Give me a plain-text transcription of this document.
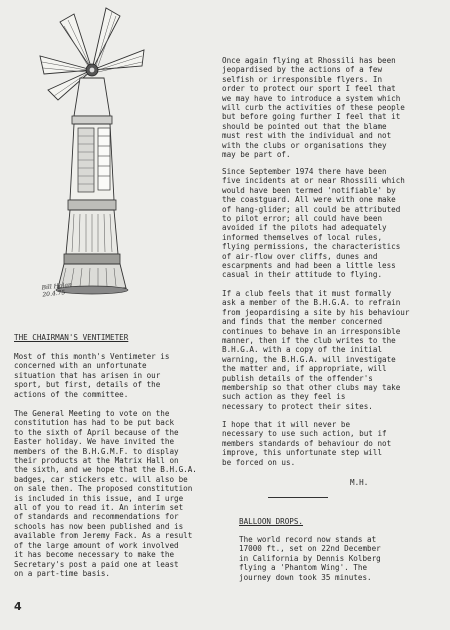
Bill Holan
20.4.75

THE CHAIRMAN'S VENTIMETER

Most of this month's Ventimeter is
concerned with an unfortunate
situation that has arisen in our
sport, but first, details of the
actions of the committee.

The General Meeting to vote on the
constitution has had to be put back
to the sixth of April because of the
Easter holiday. We have invited the
members of the B.H.G.M.F. to display
their products at the Matrix Hall on
the sixth, and we hope that the B.H.G.A.
badges, car stickers etc. will also be
on sale then. The proposed constitution
is included in this issue, and I urge
all of you to read it. An interim set
of standards and recommendations for
schools has now been published and is
available from Jeremy Fack. As a result
of the large amount of work involved
it has become necessary to make the
Secretary's post a paid one at least
on a part-time basis.

4

Once again flying at Rhossili has been
jeopardised by the actions of a few
selfish or irresponsible flyers. In
order to protect our sport I feel that
we may have to introduce a system which
will curb the activities of these people
but before going further I feel that it
should be pointed out that the blame
must rest with the individual and not
with the clubs or organisations they
may be part of.

Since September 1974 there have been
five incidents at or near Rhossili which
would have been termed 'notifiable' by
the coastguard. All were with one make
of hang-glider; all could be attributed
to pilot error; all could have been
avoided if the pilots had adequately
informed themselves of local rules,
flying permissions, the characteristics
of air-flow over cliffs, dunes and
escarpments and had been a little less
casual in their attitude to flying.

If a club feels that it must formally
ask a member of the B.H.G.A. to refrain
from jeopardising a site by his behaviour
and finds that the member concerned
continues to behave in an irresponsible
manner, then if the club writes to the
B.H.G.A. with a copy of the initial
warning, the B.H.G.A. will investigate
the matter and, if appropriate, will
publish details of the offender's
membership so that other clubs may take
such action as they feel is
necessary to protect their sites.

I hope that it will never be
necessary to use such action, but if
members standards of behaviour do not
improve, this unfortunate step will
be forced on us.

M.H.

BALLOON DROPS.

The world record now stands at
17000 ft., set on 22nd December
in California by Dennis Kolberg
flying a 'Phantom Wing'. The
journey down took 35 minutes.
